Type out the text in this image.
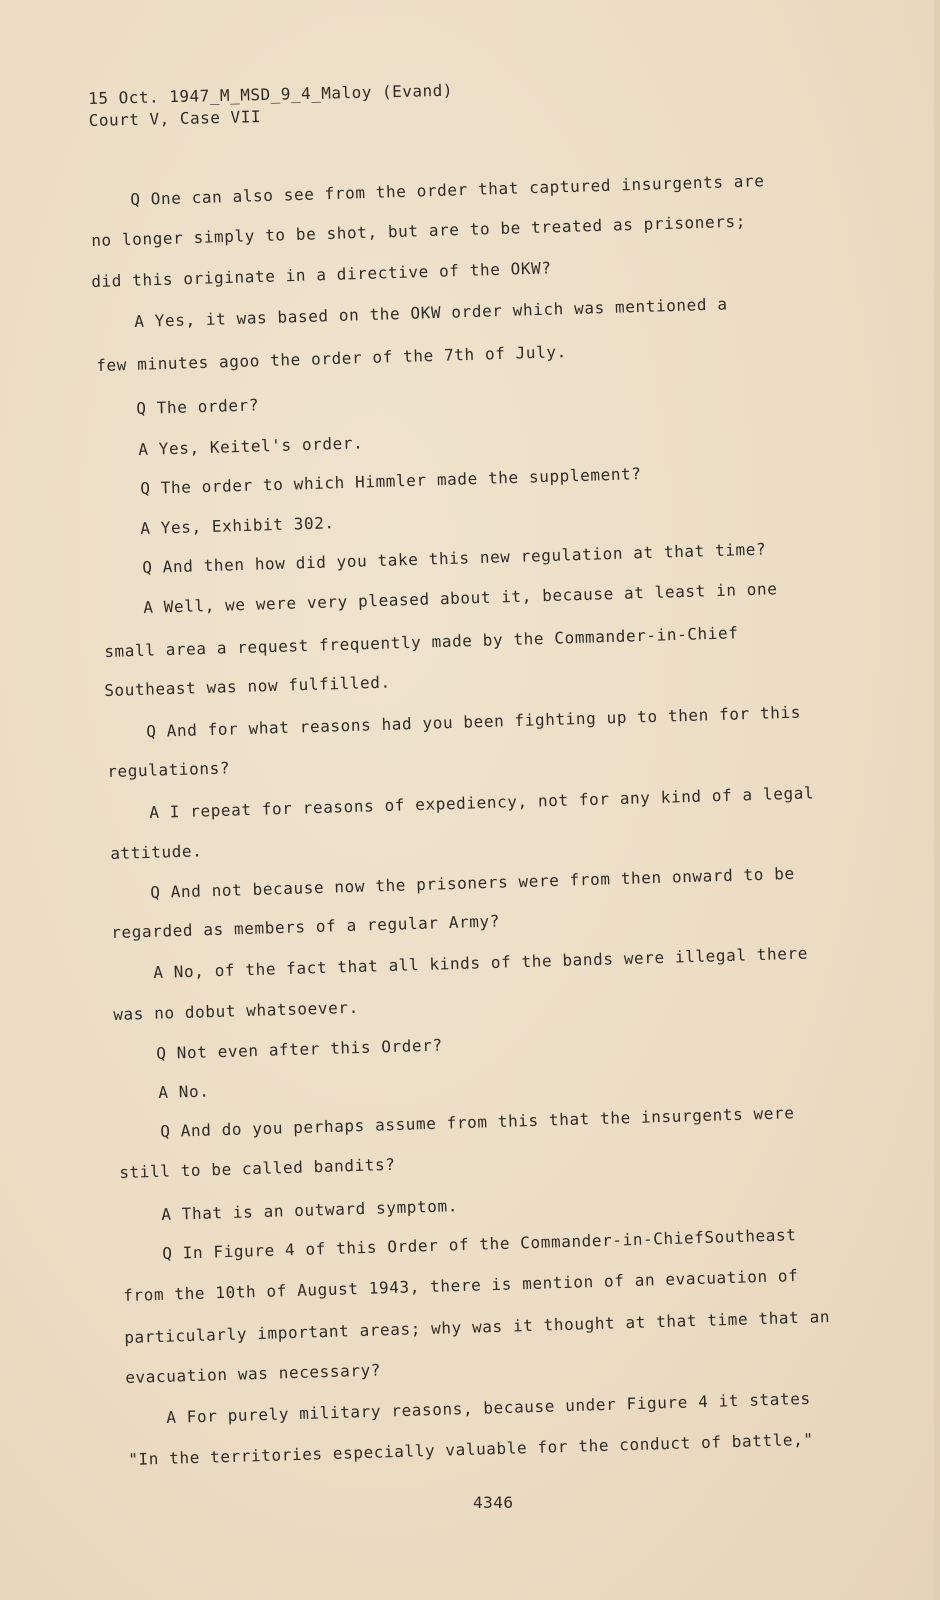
15 Oct. 1947_M_MSD_9_4_Maloy (Evand)
Court V, Case VII
Q One can also see from the order that captured insurgents are
no longer simply to be shot, but are to be treated as prisoners;
did this originate in a directive of the OKW?
A Yes, it was based on the OKW order which was mentioned a
few minutes agoo the order of the 7th of July.
Q The order?
A Yes, Keitel's order.
Q The order to which Himmler made the supplement?
A Yes, Exhibit 302.
Q And then how did you take this new regulation at that time?
A Well, we were very pleased about it, because at least in one
small area a request frequently made by the Commander-in-Chief
Southeast was now fulfilled.
Q And for what reasons had you been fighting up to then for this
regulations?
A I repeat for reasons of expediency, not for any kind of a legal
attitude.
Q And not because now the prisoners were from then onward to be
regarded as members of a regular Army?
A No, of the fact that all kinds of the bands were illegal there
was no dobut whatsoever.
Q Not even after this Order?
A No.
Q And do you perhaps assume from this that the insurgents were
still to be called bandits?
A That is an outward symptom.
Q In Figure 4 of this Order of the Commander-in-ChiefSoutheast
from the 10th of August 1943, there is mention of an evacuation of
particularly important areas; why was it thought at that time that an
evacuation was necessary?
A For purely military reasons, because under Figure 4 it states
"In the territories especially valuable for the conduct of battle,"
4346
